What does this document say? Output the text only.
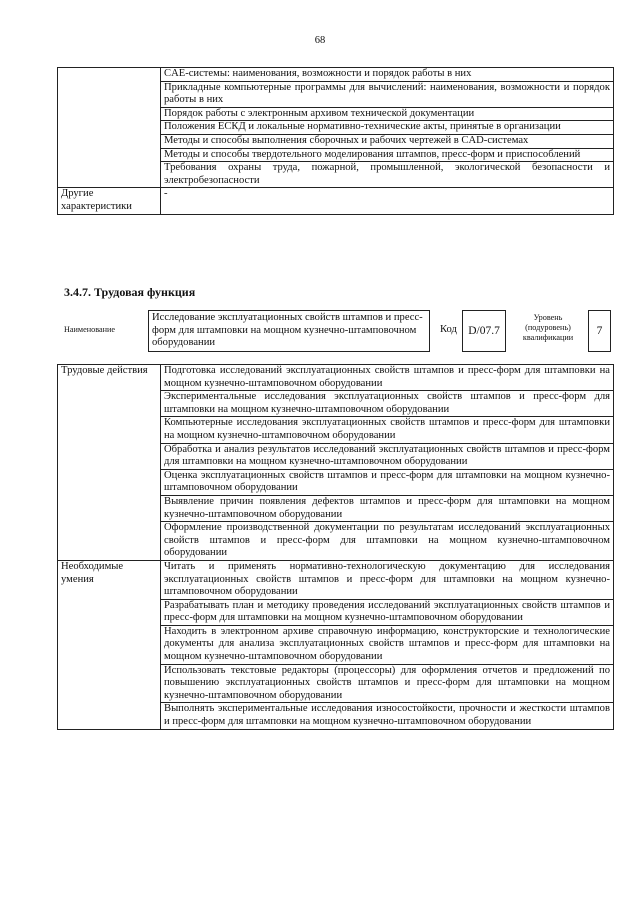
68
	CAE-системы: наименования, возможности и порядок работы в них
	Прикладные компьютерные программы для вычислений: наименования, возможности и порядок работы в них
	Порядок работы с электронным архивом технической документации
	Положения ЕСКД и локальные нормативно-технические акты, принятые в организации
	Методы и способы выполнения сборочных и рабочих чертежей в CAD-системах
	Методы и способы твердотельного моделирования штампов, пресс-форм и приспособлений
	Требования охраны труда, пожарной, промышленной, экологической безопасности и электробезопасности
Другие характеристики	-
3.4.7. Трудовая функция
Наименование
Исследование эксплуатационных свойств штампов и пресс-форм для штамповки на мощном кузнечно-штамповочном оборудовании
Код D/07.7
Уровень (подуровень) квалификации
7
Трудовые действия	Подготовка исследований эксплуатационных свойств штампов и пресс-форм для штамповки на мощном кузнечно-штамповочном оборудовании
	Экспериментальные исследования эксплуатационных свойств штампов и пресс-форм для штамповки на мощном кузнечно-штамповочном оборудовании
	Компьютерные исследования эксплуатационных свойств штампов и пресс-форм для штамповки на мощном кузнечно-штамповочном оборудовании
	Обработка и анализ результатов исследований эксплуатационных свойств штампов и пресс-форм для штамповки на мощном кузнечно-штамповочном оборудовании
	Оценка эксплуатационных свойств штампов и пресс-форм для штамповки на мощном кузнечно-штамповочном оборудовании
	Выявление причин появления дефектов штампов и пресс-форм для штамповки на мощном кузнечно-штамповочном оборудовании
	Оформление производственной документации по результатам исследований эксплуатационных свойств штампов и пресс-форм для штамповки на мощном кузнечно-штамповочном оборудовании
Необходимые умения	Читать и применять нормативно-технологическую документацию для исследования эксплуатационных свойств штампов и пресс-форм для штамповки на мощном кузнечно-штамповочном оборудовании
	Разрабатывать план и методику проведения исследований эксплуатационных свойств штампов и пресс-форм для штамповки на мощном кузнечно-штамповочном оборудовании
	Находить в электронном архиве справочную информацию, конструкторские и технологические документы для анализа эксплуатационных свойств штампов и пресс-форм для штамповки на мощном кузнечно-штамповочном оборудовании
	Использовать текстовые редакторы (процессоры) для оформления отчетов и предложений по повышению эксплуатационных свойств штампов и пресс-форм для штамповки на мощном кузнечно-штамповочном оборудовании
	Выполнять экспериментальные исследования износостойкости, прочности и жесткости штампов и пресс-форм для штамповки на мощном кузнечно-штамповочном оборудовании
